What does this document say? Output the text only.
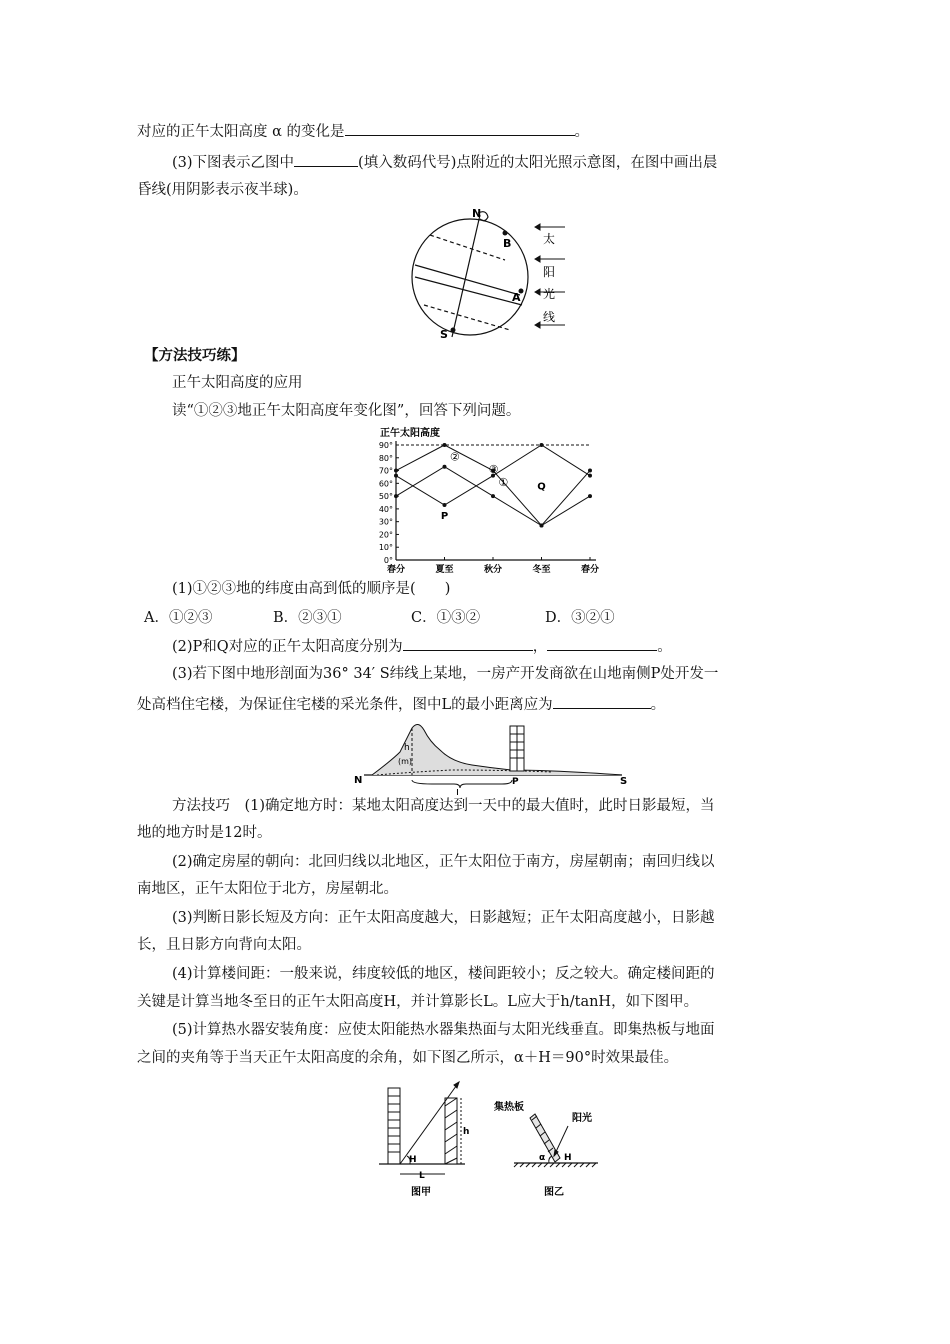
对应的正午太阳高度 α 的变化是	。
(3)下图表示乙图中	(填入数码代号)点附近的太阳光照示意图，在图中画出晨
昏线(用阴影表示夜半球)。
N
B
A
S
太
阳
光
线
【方法技巧练】
正午太阳高度的应用
读“①②③地正午太阳高度年变化图”，回答下列问题。
正午太阳高度
0°
10°
20°
30°
40°
50°
60°
70°
80°
90°
春分	夏至	秋分	冬至	春分
①
②
③
P
Q
(1)①②③地的纬度由高到低的顺序是(　　)
A．①②③	B．②③①	C．①③②	D．③②①
(2)P和Q对应的正午太阳高度分别为	，	。
(3)若下图中地形剖面为36° 34′ S纬线上某地，一房产开发商欲在山地南侧P处开发一
处高档住宅楼，为保证住宅楼的采光条件，图中L的最小距离应为	。
N	S
h
(m)
L
P
方法技巧　(1)确定地方时：某地太阳高度达到一天中的最大值时，此时日影最短，当
地的地方时是12时。
(2)确定房屋的朝向：北回归线以北地区，正午太阳位于南方，房屋朝南；南回归线以
南地区，正午太阳位于北方，房屋朝北。
(3)判断日影长短及方向：正午太阳高度越大，日影越短；正午太阳高度越小，日影越
长，且日影方向背向太阳。
(4)计算楼间距：一般来说，纬度较低的地区，楼间距较小；反之较大。确定楼间距的
关键是计算当地冬至日的正午太阳高度H，并计算影长L。L应大于h/tanH，如下图甲。
(5)计算热水器安装角度：应使太阳能热水器集热面与太阳光线垂直。即集热板与地面
之间的夹角等于当天正午太阳高度的余角，如下图乙所示，α＋H＝90°时效果最佳。
H
h
L
图甲
集热板
阳光
α H
图乙
